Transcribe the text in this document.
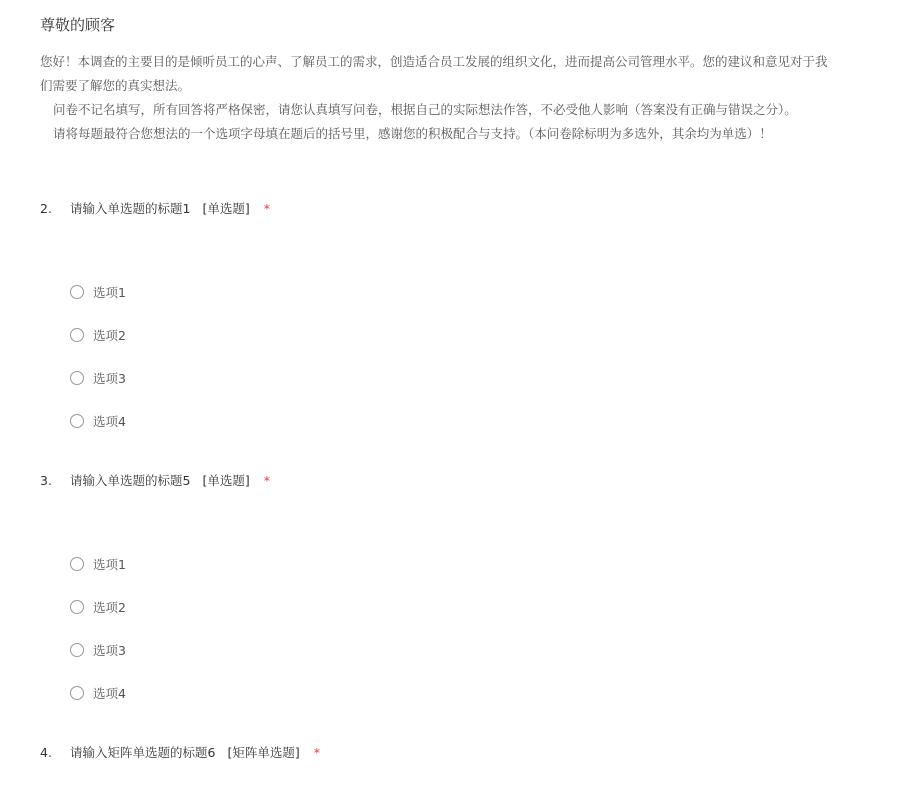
尊敬的顾客

您好！本调查的主要目的是倾听员工的心声、了解员工的需求，创造适合员工发展的组织文化，进而提高公司管理水平。您的建议和意见对于我

们需要了解您的真实想法。

问卷不记名填写，所有回答将严格保密，请您认真填写问卷，根据自己的实际想法作答，不必受他人影响（答案没有正确与错误之分）。

请将每题最符合您想法的一个选项字母填在题后的括号里，感谢您的积极配合与支持。（本问卷除标明为多选外，其余均为单选）！

2. 请输入单选题的标题1 [单选题] *
选项1
选项2
选项3
选项4
3. 请输入单选题的标题5 [单选题] *
选项1
选项2
选项3
选项4
4. 请输入矩阵单选题的标题6 [矩阵单选题] *
